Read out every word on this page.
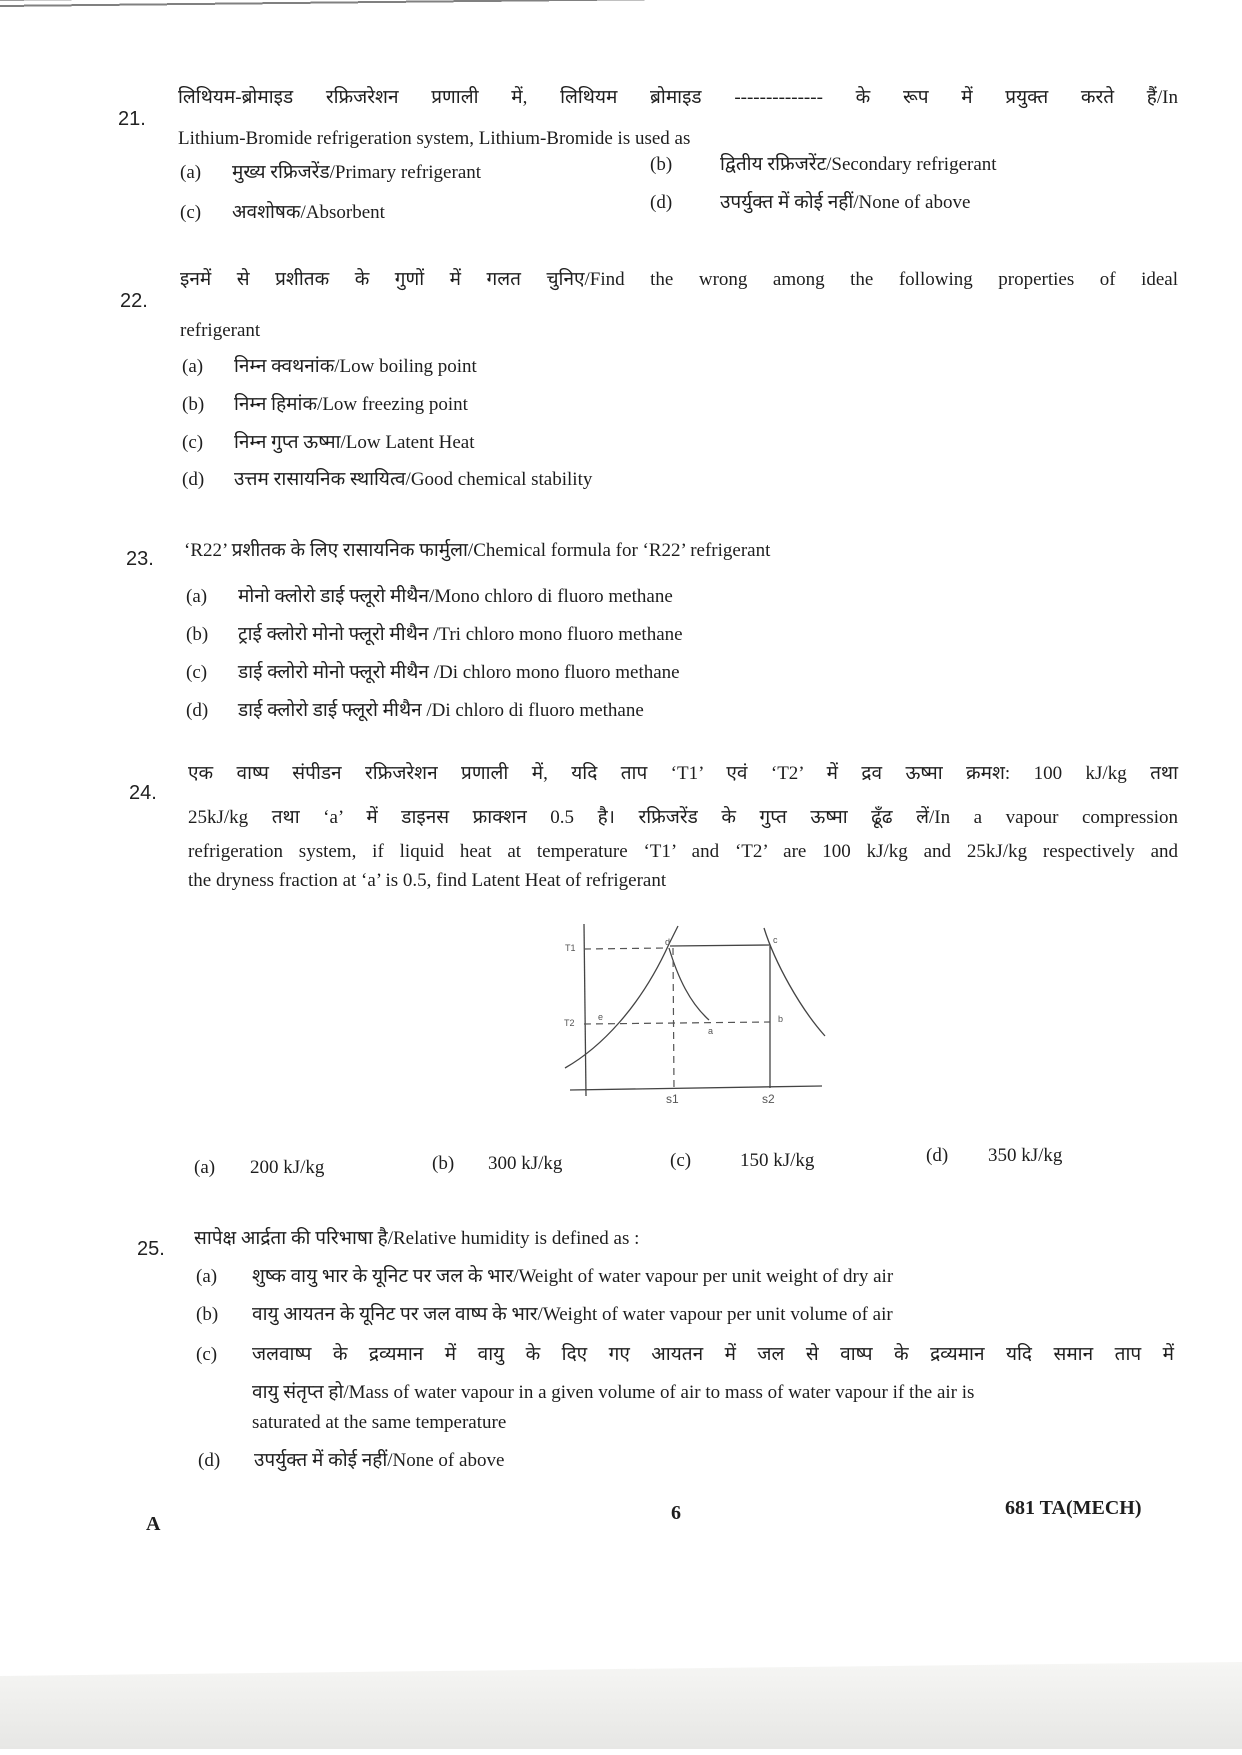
21.
लिथियम-ब्रोमाइड रफ्रिजरेशन प्रणाली में, लिथियम ब्रोमाइड -------------- के रूप में प्रयुक्त करते हैं/In
Lithium-Bromide refrigeration system, Lithium-Bromide is used as
(a) मुख्य रफ्रिजरेंड/Primary refrigerant	(b)	द्वितीय रफ्रिजरेंट/Secondary refrigerant
(c) अवशोषक/Absorbent	(d)	उपर्युक्त में कोई नहीं/None of above
22.
इनमें से प्रशीतक के गुणों में गलत चुनिए/Find the wrong among the following properties of ideal
refrigerant
(a) निम्न क्वथनांक/Low boiling point
(b) निम्न हिमांक/Low freezing point
(c) निम्न गुप्त ऊष्मा/Low Latent Heat
(d) उत्तम रासायनिक स्थायित्व/Good chemical stability
23. ‘R22’ प्रशीतक के लिए रासायनिक फार्मुला/Chemical formula for ‘R22’ refrigerant
(a) मोनो क्लोरो डाई फ्लूरो मीथैन/Mono chloro di fluoro methane
(b) ट्राई क्लोरो मोनो फ्लूरो मीथैन /Tri chloro mono fluoro methane
(c) डाई क्लोरो मोनो फ्लूरो मीथैन /Di chloro mono fluoro methane
(d) डाई क्लोरो डाई फ्लूरो मीथैन /Di chloro di fluoro methane
24.
एक वाष्प संपीडन रफ्रिजरेशन प्रणाली में, यदि ताप ‘T1’ एवं ‘T2’ में द्रव ऊष्मा क्रमश: 100 kJ/kg तथा
25kJ/kg तथा ‘a’ में डाइनस फ्राक्शन 0.5 है। रफ्रिजरेंड के गुप्त ऊष्मा ढूँढ लें/In a vapour compression
refrigeration system, if liquid heat at temperature ‘T1’ and ‘T2’ are 100 kJ/kg and 25kJ/kg respectively and
the dryness fraction at ‘a’ is 0.5, find Latent Heat of refrigerant
T1
T2
d	c
e
a
b
s1	s2
(a) 200 kJ/kg	(b) 300 kJ/kg	(c)	150 kJ/kg	(d) 350 kJ/kg
25. सापेक्ष आर्द्रता की परिभाषा है/Relative humidity is defined as :
(a) शुष्क वायु भार के यूनिट पर जल के भार/Weight of water vapour per unit weight of dry air
(b) वायु आयतन के यूनिट पर जल वाष्प के भार/Weight of water vapour per unit volume of air
(c) जलवाष्प के द्रव्यमान में वायु के दिए गए आयतन में जल से वाष्प के द्रव्यमान यदि समान ताप में
वायु संतृप्त हो/Mass of water vapour in a given volume of air to mass of water vapour if the air is
saturated at the same temperature
(d) उपर्युक्त में कोई नहीं/None of above
A	6	681 TA(MECH)
